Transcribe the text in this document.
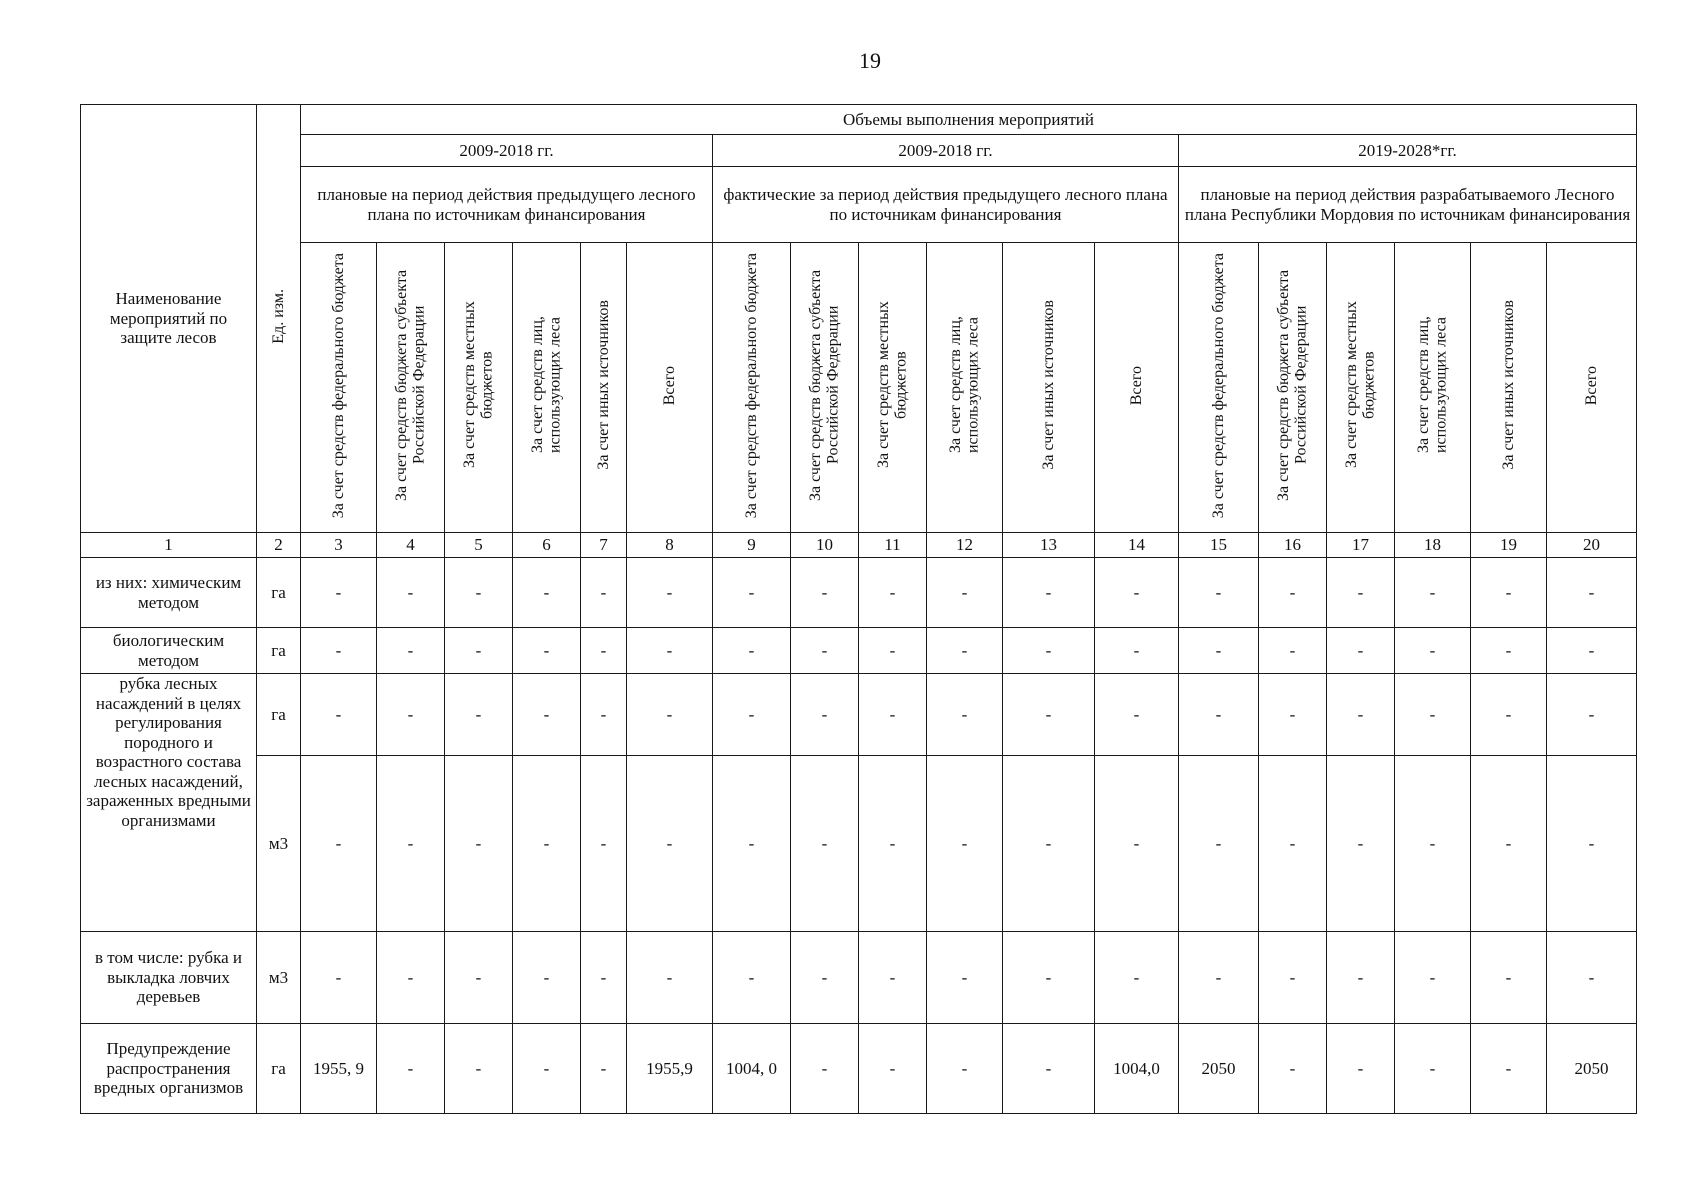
19
Наименование мероприятий по защите лесов	Ед. изм.	Объемы выполнения мероприятий																	
		2009-2018 гг.						2009-2018 гг.						2019-2028*гг.					
		плановые на период действия предыдущего лесного плана по источникам финансирования						фактические за период действия предыдущего лесного плана по источникам финансирования						плановые на период действия разрабатываемого Лесного плана Республики Мордовия по источникам финансирования					
		За счет средств федерального бюджета	За счет средств бюджета субъекта Российской Федерации	За счет средств местных бюджетов	За счет средств лиц, использующих леса	За счет иных источников	Всего	За счет средств федерального бюджета	За счет средств бюджета субъекта Российской Федерации	За счет средств местных бюджетов	За счет средств лиц, использующих леса	За счет иных источников	Всего	За счет средств федерального бюджета	За счет средств бюджета субъекта Российской Федерации	За счет средств местных бюджетов	За счет средств лиц, использующих леса	За счет иных источников	Всего
1	2	3	4	5	6	7	8	9	10	11	12	13	14	15	16	17	18	19	20
из них: химическим методом	га	-	-	-	-	-	-	-	-	-	-	-	-	-	-	-	-	-	-
биологическим методом	га	-	-	-	-	-	-	-	-	-	-	-	-	-	-	-	-	-	-
рубка лесных насаждений в целях регулирования породного и возрастного состава лесных насаждений, зараженных вредными организмами	га	-	-	-	-	-	-	-	-	-	-	-	-	-	-	-	-	-	-
	м3	-	-	-	-	-	-	-	-	-	-	-	-	-	-	-	-	-	-
в том числе: рубка и выкладка ловчих деревьев	м3	-	-	-	-	-	-	-	-	-	-	-	-	-	-	-	-	-	-
Предупреждение распространения вредных организмов	га	1955, 9	-	-	-	-	1955,9	1004, 0	-	-	-	-	1004,0	2050	-	-	-	-	2050
